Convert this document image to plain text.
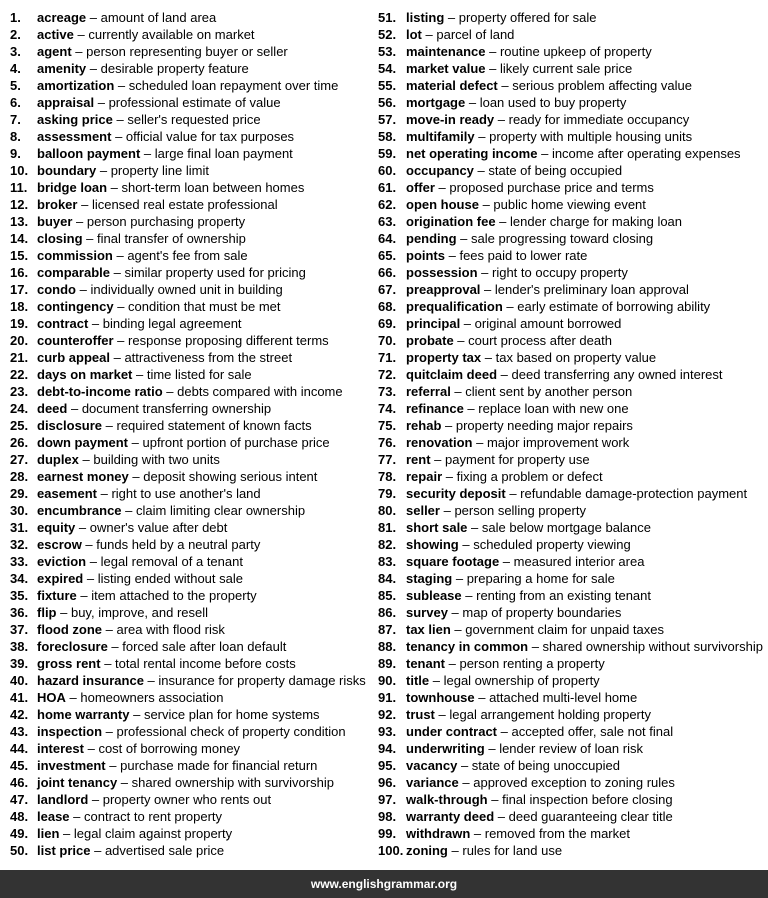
1.	acreage – amount of land area
2.	active – currently available on market
3.	agent – person representing buyer or seller
4.	amenity – desirable property feature
5.	amortization – scheduled loan repayment over time
6.	appraisal – professional estimate of value
7.	asking price – seller's requested price
8.	assessment – official value for tax purposes
9.	balloon payment – large final loan payment
10. boundary – property line limit
11. bridge loan – short-term loan between homes
12. broker – licensed real estate professional
13. buyer – person purchasing property
14. closing – final transfer of ownership
15. commission – agent's fee from sale
16. comparable – similar property used for pricing
17. condo – individually owned unit in building
18. contingency – condition that must be met
19. contract – binding legal agreement
20. counteroffer – response proposing different terms
21. curb appeal – attractiveness from the street
22. days on market – time listed for sale
23. debt-to-income ratio – debts compared with income
24. deed – document transferring ownership
25. disclosure – required statement of known facts
26. down payment – upfront portion of purchase price
27. duplex – building with two units
28. earnest money – deposit showing serious intent
29. easement – right to use another's land
30. encumbrance – claim limiting clear ownership
31. equity – owner's value after debt
32. escrow – funds held by a neutral party
33. eviction – legal removal of a tenant
34. expired – listing ended without sale
35. fixture – item attached to the property
36. flip – buy, improve, and resell
37. flood zone – area with flood risk
38. foreclosure – forced sale after loan default
39. gross rent – total rental income before costs
40. hazard insurance – insurance for property damage risks
41. HOA – homeowners association
42. home warranty – service plan for home systems
43. inspection – professional check of property condition
44. interest – cost of borrowing money
45. investment – purchase made for financial return
46. joint tenancy – shared ownership with survivorship
47. landlord – property owner who rents out
48. lease – contract to rent property
49. lien – legal claim against property
50. list price – advertised sale price
51. listing – property offered for sale
52. lot – parcel of land
53. maintenance – routine upkeep of property
54. market value – likely current sale price
55. material defect – serious problem affecting value
56. mortgage – loan used to buy property
57. move-in ready – ready for immediate occupancy
58. multifamily – property with multiple housing units
59. net operating income – income after operating expenses
60. occupancy – state of being occupied
61. offer – proposed purchase price and terms
62. open house – public home viewing event
63. origination fee – lender charge for making loan
64. pending – sale progressing toward closing
65. points – fees paid to lower rate
66. possession – right to occupy property
67. preapproval – lender's preliminary loan approval
68. prequalification – early estimate of borrowing ability
69. principal – original amount borrowed
70. probate – court process after death
71. property tax – tax based on property value
72. quitclaim deed – deed transferring any owned interest
73. referral – client sent by another person
74. refinance – replace loan with new one
75. rehab – property needing major repairs
76. renovation – major improvement work
77. rent – payment for property use
78. repair – fixing a problem or defect
79. security deposit – refundable damage-protection payment
80. seller – person selling property
81. short sale – sale below mortgage balance
82. showing – scheduled property viewing
83. square footage – measured interior area
84. staging – preparing a home for sale
85. sublease – renting from an existing tenant
86. survey – map of property boundaries
87. tax lien – government claim for unpaid taxes
88. tenancy in common – shared ownership without survivorship
89. tenant – person renting a property
90. title – legal ownership of property
91. townhouse – attached multi-level home
92. trust – legal arrangement holding property
93. under contract – accepted offer, sale not final
94. underwriting – lender review of loan risk
95. vacancy – state of being unoccupied
96. variance – approved exception to zoning rules
97. walk-through – final inspection before closing
98. warranty deed – deed guaranteeing clear title
99. withdrawn – removed from the market
100. zoning – rules for land use
www.englishgrammar.org
